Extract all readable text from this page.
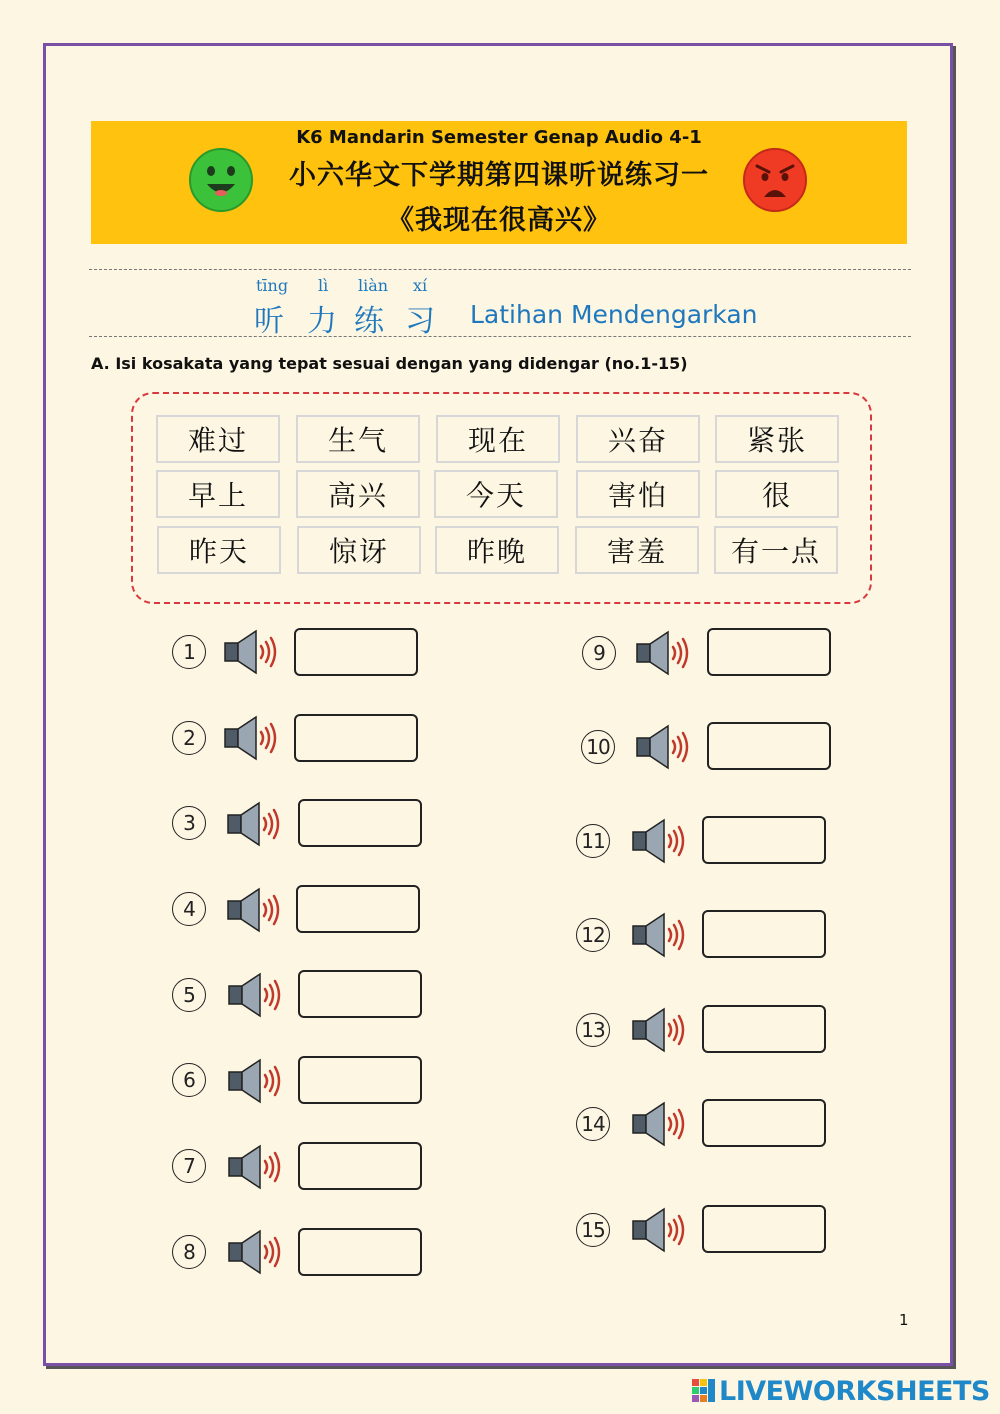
K6 Mandarin Semester Genap Audio 4-1
小六华文下学期第四课听说练习一
《我现在很高兴》
tīng lì liàn xí
听 力 练 习 Latihan Mendengarkan
A. Isi kosakata yang tepat sesuai dengan yang didengar (no.1-15)
难过	生气	现在	兴奋	紧张
早上	高兴	今天	害怕	很
昨天	惊讶	昨晚	害羞	有一点
1
2
3
4
5
6
7
8
9
10
11
12
13
14
15
1
LIVEWORKSHEETS
